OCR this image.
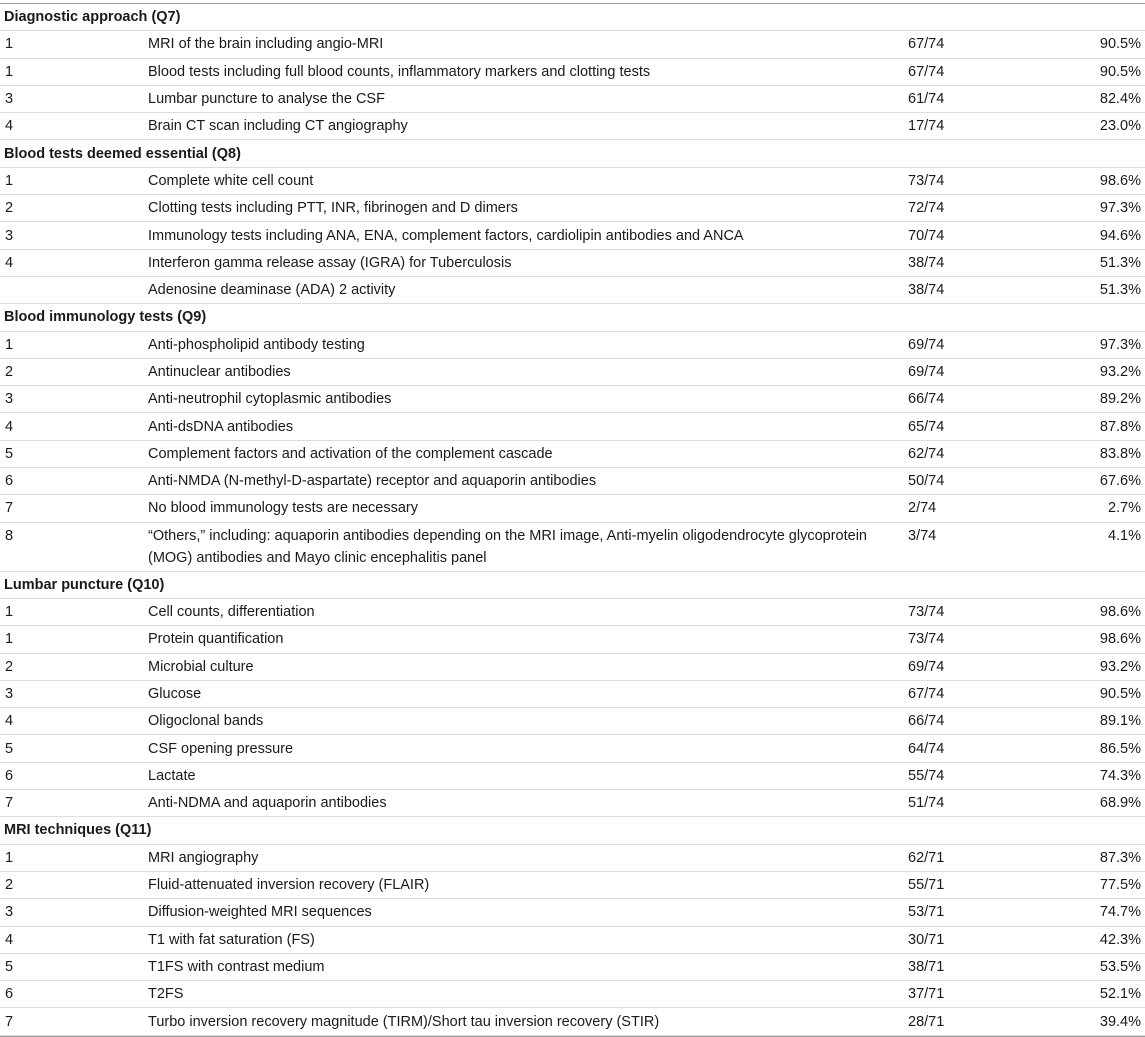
Diagnostic approach (Q7)			
1	MRI of the brain including angio-MRI	67/74	90.5%
1	Blood tests including full blood counts, inflammatory markers and clotting tests	67/74	90.5%
3	Lumbar puncture to analyse the CSF	61/74	82.4%
4	Brain CT scan including CT angiography	17/74	23.0%
Blood tests deemed essential (Q8)			
1	Complete white cell count	73/74	98.6%
2	Clotting tests including PTT, INR, fibrinogen and D dimers	72/74	97.3%
3	Immunology tests including ANA, ENA, complement factors, cardiolipin antibodies and ANCA	70/74	94.6%
4	Interferon gamma release assay (IGRA) for Tuberculosis	38/74	51.3%
	Adenosine deaminase (ADA) 2 activity	38/74	51.3%
Blood immunology tests (Q9)			
1	Anti-phospholipid antibody testing	69/74	97.3%
2	Antinuclear antibodies	69/74	93.2%
3	Anti-neutrophil cytoplasmic antibodies	66/74	89.2%
4	Anti-dsDNA antibodies	65/74	87.8%
5	Complement factors and activation of the complement cascade	62/74	83.8%
6	Anti-NMDA (N-methyl-D-aspartate) receptor and aquaporin antibodies	50/74	67.6%
7	No blood immunology tests are necessary	2/74	2.7%
8	“Others,” including: aquaporin antibodies depending on the MRI image, Anti-myelin oligodendrocyte glycoprotein (MOG) antibodies and Mayo clinic encephalitis panel	3/74	4.1%
Lumbar puncture (Q10)			
1	Cell counts, differentiation	73/74	98.6%
1	Protein quantification	73/74	98.6%
2	Microbial culture	69/74	93.2%
3	Glucose	67/74	90.5%
4	Oligoclonal bands	66/74	89.1%
5	CSF opening pressure	64/74	86.5%
6	Lactate	55/74	74.3%
7	Anti-NDMA and aquaporin antibodies	51/74	68.9%
MRI techniques (Q11)			
1	MRI angiography	62/71	87.3%
2	Fluid-attenuated inversion recovery (FLAIR)	55/71	77.5%
3	Diffusion-weighted MRI sequences	53/71	74.7%
4	T1 with fat saturation (FS)	30/71	42.3%
5	T1FS with contrast medium	38/71	53.5%
6	T2FS	37/71	52.1%
7	Turbo inversion recovery magnitude (TIRM)/Short tau inversion recovery (STIR)	28/71	39.4%
